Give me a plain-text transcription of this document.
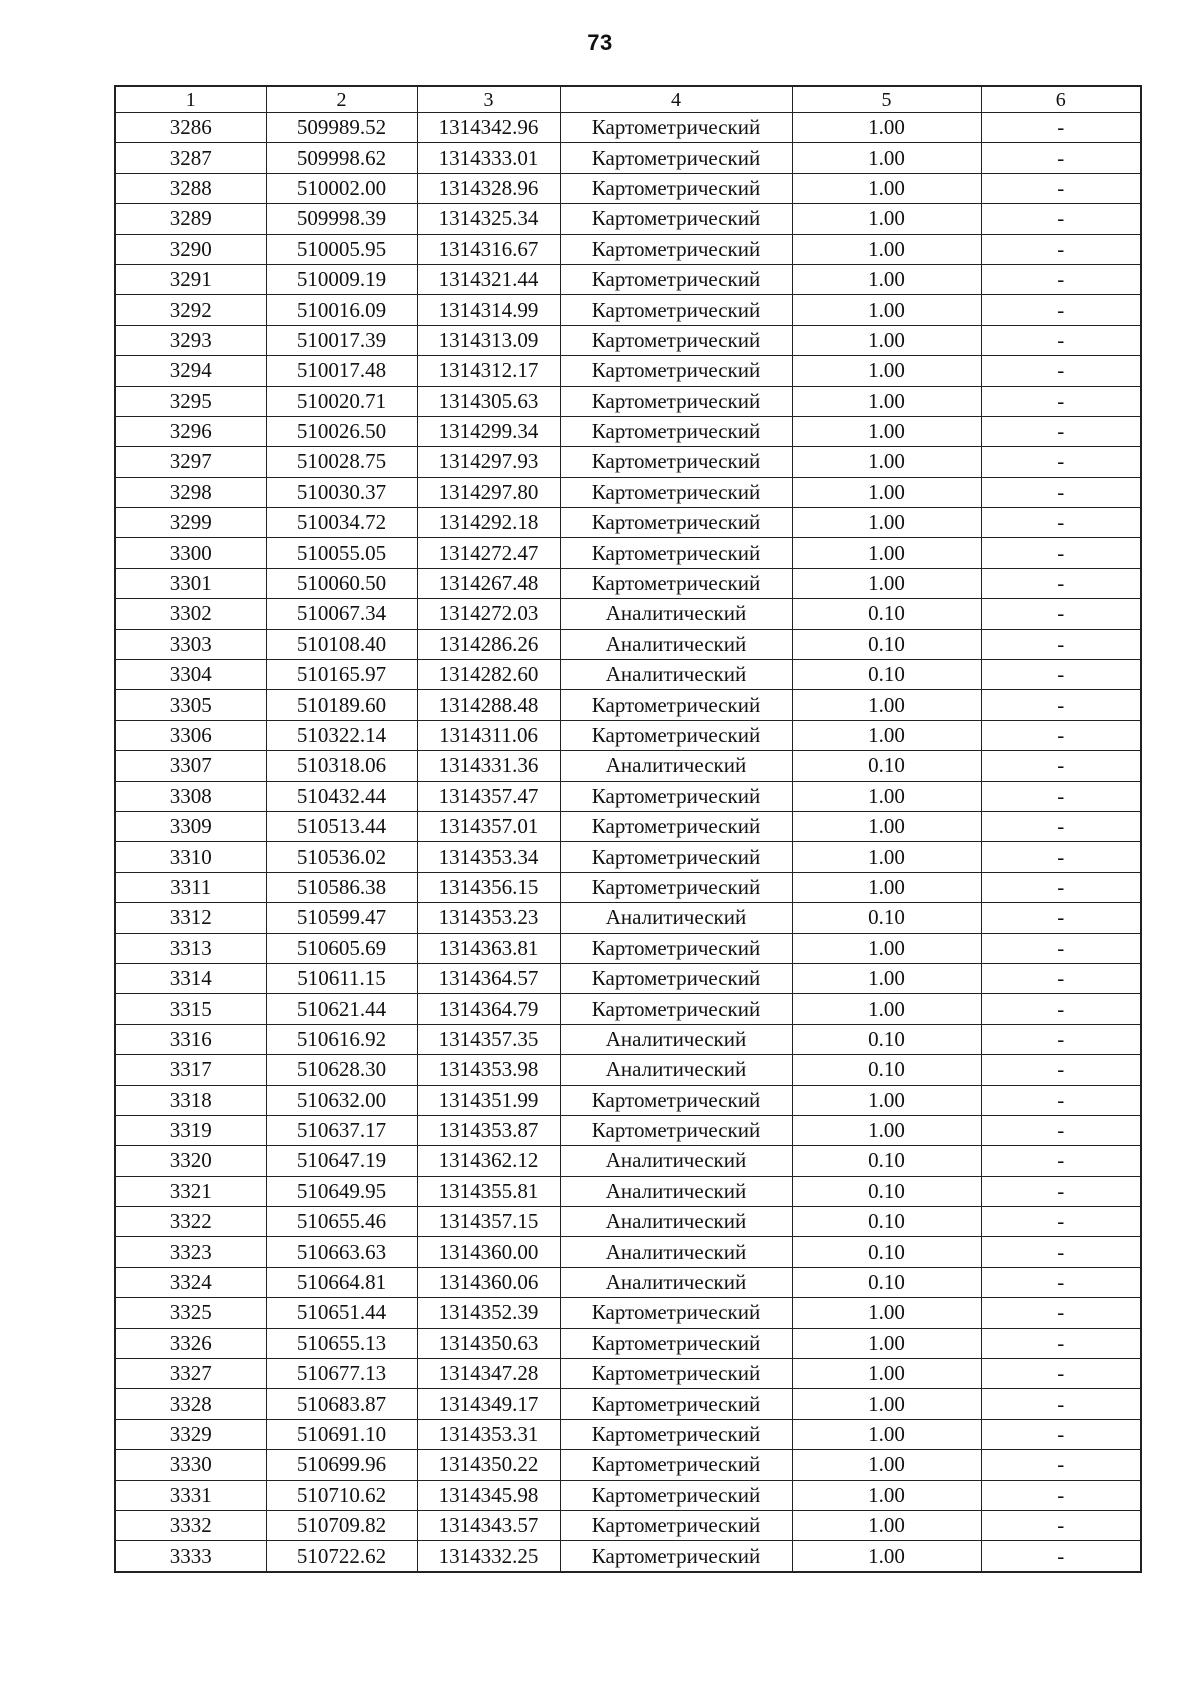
73
1	2	3	4	5	6
3286	509989.52	1314342.96	Картометрический	1.00	-
3287	509998.62	1314333.01	Картометрический	1.00	-
3288	510002.00	1314328.96	Картометрический	1.00	-
3289	509998.39	1314325.34	Картометрический	1.00	-
3290	510005.95	1314316.67	Картометрический	1.00	-
3291	510009.19	1314321.44	Картометрический	1.00	-
3292	510016.09	1314314.99	Картометрический	1.00	-
3293	510017.39	1314313.09	Картометрический	1.00	-
3294	510017.48	1314312.17	Картометрический	1.00	-
3295	510020.71	1314305.63	Картометрический	1.00	-
3296	510026.50	1314299.34	Картометрический	1.00	-
3297	510028.75	1314297.93	Картометрический	1.00	-
3298	510030.37	1314297.80	Картометрический	1.00	-
3299	510034.72	1314292.18	Картометрический	1.00	-
3300	510055.05	1314272.47	Картометрический	1.00	-
3301	510060.50	1314267.48	Картометрический	1.00	-
3302	510067.34	1314272.03	Аналитический	0.10	-
3303	510108.40	1314286.26	Аналитический	0.10	-
3304	510165.97	1314282.60	Аналитический	0.10	-
3305	510189.60	1314288.48	Картометрический	1.00	-
3306	510322.14	1314311.06	Картометрический	1.00	-
3307	510318.06	1314331.36	Аналитический	0.10	-
3308	510432.44	1314357.47	Картометрический	1.00	-
3309	510513.44	1314357.01	Картометрический	1.00	-
3310	510536.02	1314353.34	Картометрический	1.00	-
3311	510586.38	1314356.15	Картометрический	1.00	-
3312	510599.47	1314353.23	Аналитический	0.10	-
3313	510605.69	1314363.81	Картометрический	1.00	-
3314	510611.15	1314364.57	Картометрический	1.00	-
3315	510621.44	1314364.79	Картометрический	1.00	-
3316	510616.92	1314357.35	Аналитический	0.10	-
3317	510628.30	1314353.98	Аналитический	0.10	-
3318	510632.00	1314351.99	Картометрический	1.00	-
3319	510637.17	1314353.87	Картометрический	1.00	-
3320	510647.19	1314362.12	Аналитический	0.10	-
3321	510649.95	1314355.81	Аналитический	0.10	-
3322	510655.46	1314357.15	Аналитический	0.10	-
3323	510663.63	1314360.00	Аналитический	0.10	-
3324	510664.81	1314360.06	Аналитический	0.10	-
3325	510651.44	1314352.39	Картометрический	1.00	-
3326	510655.13	1314350.63	Картометрический	1.00	-
3327	510677.13	1314347.28	Картометрический	1.00	-
3328	510683.87	1314349.17	Картометрический	1.00	-
3329	510691.10	1314353.31	Картометрический	1.00	-
3330	510699.96	1314350.22	Картометрический	1.00	-
3331	510710.62	1314345.98	Картометрический	1.00	-
3332	510709.82	1314343.57	Картометрический	1.00	-
3333	510722.62	1314332.25	Картометрический	1.00	-
